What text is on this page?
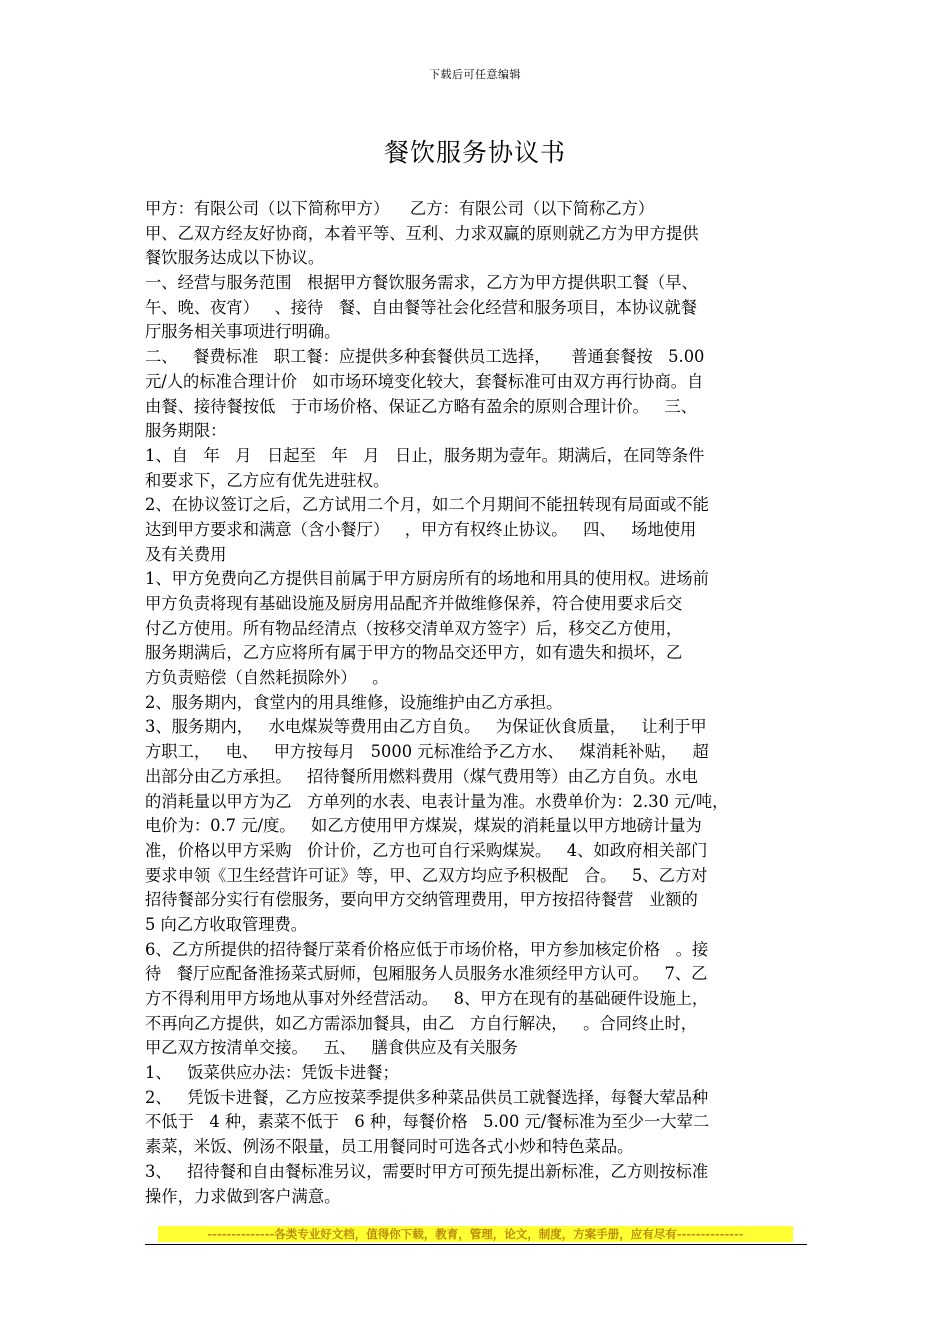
下载后可任意编辑
餐饮服务协议书
甲方：有限公司（以下简称甲方）    乙方：有限公司（以下简称乙方）
甲、乙双方经友好协商，本着平等、互利、力求双赢的原则就乙方为甲方提供
餐饮服务达成以下协议。
一、经营与服务范围   根据甲方餐饮服务需求，乙方为甲方提供职工餐（早、
午、晚、夜宵）   、接待   餐、自由餐等社会化经营和服务项目，本协议就餐
厅服务相关事项进行明确。
二、   餐费标准   职工餐：应提供多种套餐供员工选择，    普通套餐按   5.00
元/人的标准合理计价   如市场环境变化较大，套餐标准可由双方再行协商。自
由餐、接待餐按低   于市场价格、保证乙方略有盈余的原则合理计价。   三、
服务期限：
1、自   年   月   日起至   年   月   日止，服务期为壹年。期满后，在同等条件
和要求下，乙方应有优先进驻权。
2、在协议签订之后，乙方试用二个月，如二个月期间不能扭转现有局面或不能
达到甲方要求和满意（含小餐厅）   ，甲方有权终止协议。   四、   场地使用
及有关费用
1、甲方免费向乙方提供目前属于甲方厨房所有的场地和用具的使用权。进场前
甲方负责将现有基础设施及厨房用品配齐并做维修保养，符合使用要求后交
付乙方使用。所有物品经清点（按移交清单双方签字）后，移交乙方使用，
服务期满后，乙方应将所有属于甲方的物品交还甲方，如有遗失和损坏，乙
方负责赔偿（自然耗损除外）   。
2、服务期内，食堂内的用具维修，设施维护由乙方承担。
3、服务期内，   水电煤炭等费用由乙方自负。   为保证伙食质量，   让利于甲
方职工，   电、   甲方按每月   5000 元标准给予乙方水、   煤消耗补贴，   超
出部分由乙方承担。   招待餐所用燃料费用（煤气费用等）由乙方自负。水电
的消耗量以甲方为乙   方单列的水表、电表计量为准。水费单价为：2.30 元/吨，
电价为：0.7 元/度。   如乙方使用甲方煤炭，煤炭的消耗量以甲方地磅计量为
准，价格以甲方采购   价计价，乙方也可自行采购煤炭。   4、如政府相关部门
要求申领《卫生经营许可证》等，甲、乙双方均应予积极配   合。   5、乙方对
招待餐部分实行有偿服务，要向甲方交纳管理费用，甲方按招待餐营   业额的
5 向乙方收取管理费。
6、乙方所提供的招待餐厅菜肴价格应低于市场价格，甲方参加核定价格   。接
待   餐厅应配备淮扬菜式厨师，包厢服务人员服务水准须经甲方认可。   7、乙
方不得利用甲方场地从事对外经营活动。   8、甲方在现有的基础硬件设施上，
不再向乙方提供，如乙方需添加餐具，由乙   方自行解决，   。合同终止时，
甲乙双方按清单交接。   五、   膳食供应及有关服务
1、   饭菜供应办法：凭饭卡进餐；
2、   凭饭卡进餐，乙方应按菜季提供多种菜品供员工就餐选择，每餐大荤品种
不低于   4 种，素菜不低于   6 种，每餐价格   5.00 元/餐标准为至少一大荤二
素菜，米饭、例汤不限量，员工用餐同时可选各式小炒和特色菜品。
3、   招待餐和自由餐标准另议，需要时甲方可预先提出新标准，乙方则按标准
操作，力求做到客户满意。
--------------各类专业好文档，值得你下载，教育，管理，论文，制度，方案手册，应有尽有--------------
